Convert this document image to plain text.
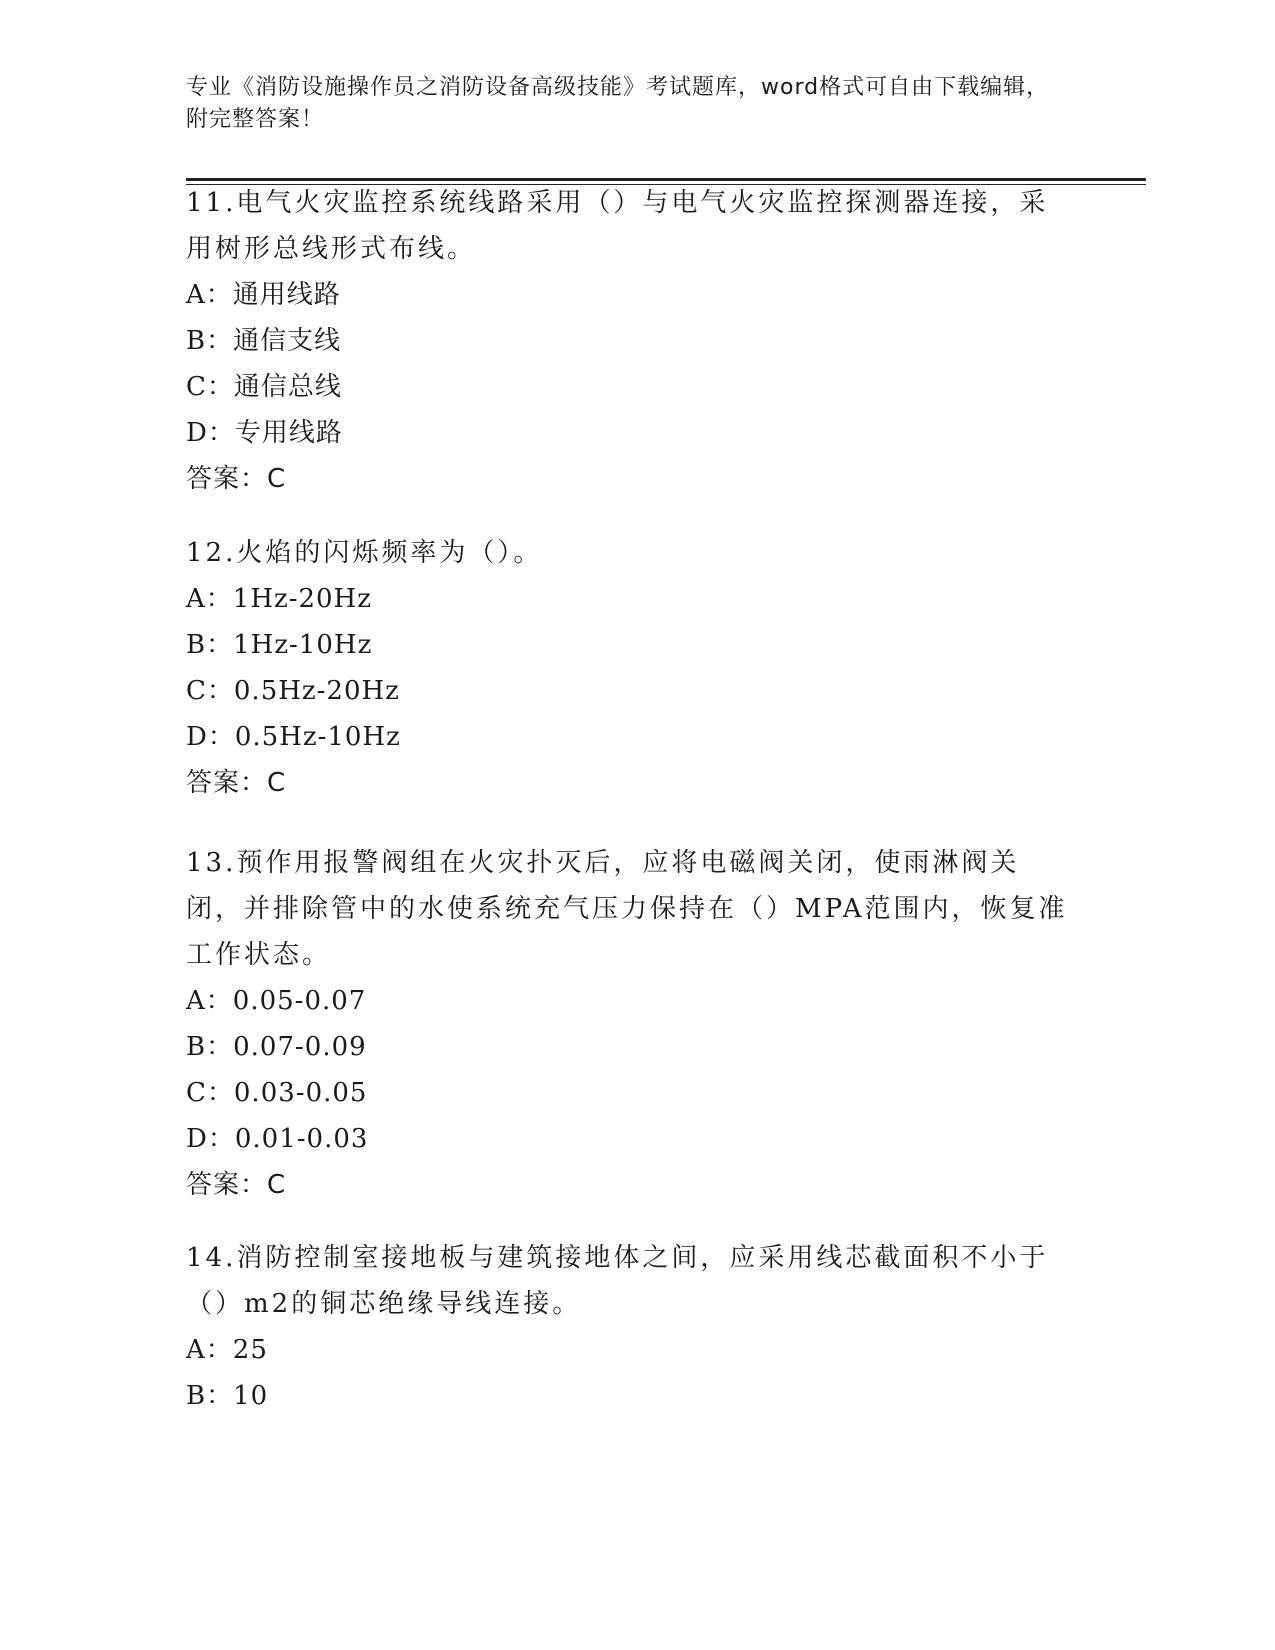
专业《消防设施操作员之消防设备高级技能》考试题库，word格式可自由下载编辑，附完整答案！

11.电气火灾监控系统线路采用（）与电气火灾监控探测器连接，采用树形总线形式布线。

A：通用线路

B：通信支线

C：通信总线

D：专用线路

答案：C

12.火焰的闪烁频率为（）。

A：1Hz-20Hz

B：1Hz-10Hz

C：0.5Hz-20Hz

D：0.5Hz-10Hz

答案：C

13.预作用报警阀组在火灾扑灭后，应将电磁阀关闭，使雨淋阀关闭，并排除管中的水使系统充气压力保持在（）MPA范围内，恢复准工作状态。

A：0.05-0.07

B：0.07-0.09

C：0.03-0.05

D：0.01-0.03

答案：C

14.消防控制室接地板与建筑接地体之间，应采用线芯截面积不小于（）m2的铜芯绝缘导线连接。

A：25

B：10
